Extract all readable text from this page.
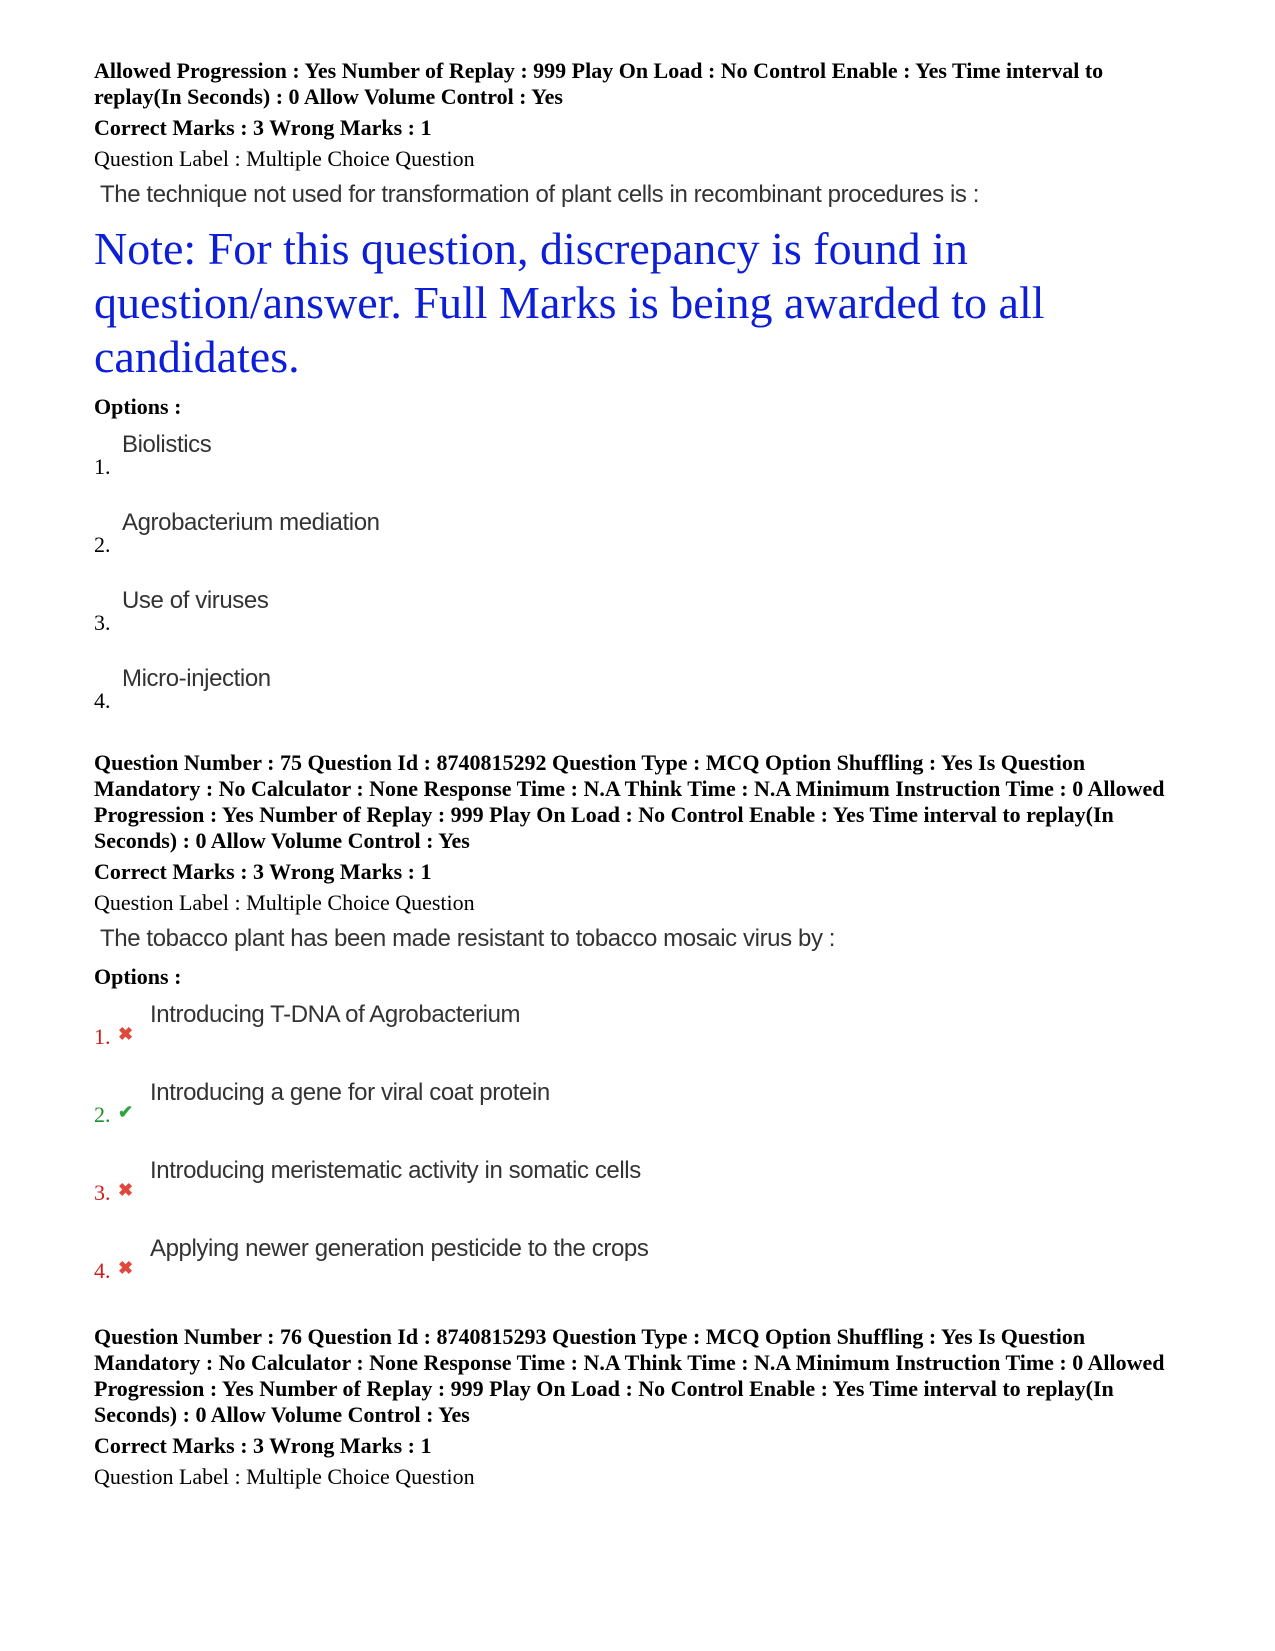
Allowed Progression : Yes Number of Replay : 999 Play On Load : No Control Enable : Yes Time interval to replay(In Seconds) : 0 Allow Volume Control : Yes

Correct Marks : 3 Wrong Marks : 1

Question Label : Multiple Choice Question

The technique not used for transformation of plant cells in recombinant procedures is :

Note: For this question, discrepancy is found in question/answer. Full Marks is being awarded to all candidates.

Options :

1.
Biolistics
2.
Agrobacterium mediation
3.
Use of viruses
4.
Micro-injection

Question Number : 75 Question Id : 8740815292 Question Type : MCQ Option Shuffling : Yes Is Question Mandatory : No Calculator : None Response Time : N.A Think Time : N.A Minimum Instruction Time : 0 Allowed Progression : Yes Number of Replay : 999 Play On Load : No Control Enable : Yes Time interval to replay(In Seconds) : 0 Allow Volume Control : Yes

Correct Marks : 3 Wrong Marks : 1

Question Label : Multiple Choice Question

The tobacco plant has been made resistant to tobacco mosaic virus by :

Options :

1. ✖
Introducing T-DNA of Agrobacterium
2. ✔
Introducing a gene for viral coat protein
3. ✖
Introducing meristematic activity in somatic cells
4. ✖
Applying newer generation pesticide to the crops

Question Number : 76 Question Id : 8740815293 Question Type : MCQ Option Shuffling : Yes Is Question Mandatory : No Calculator : None Response Time : N.A Think Time : N.A Minimum Instruction Time : 0 Allowed Progression : Yes Number of Replay : 999 Play On Load : No Control Enable : Yes Time interval to replay(In Seconds) : 0 Allow Volume Control : Yes

Correct Marks : 3 Wrong Marks : 1

Question Label : Multiple Choice Question
